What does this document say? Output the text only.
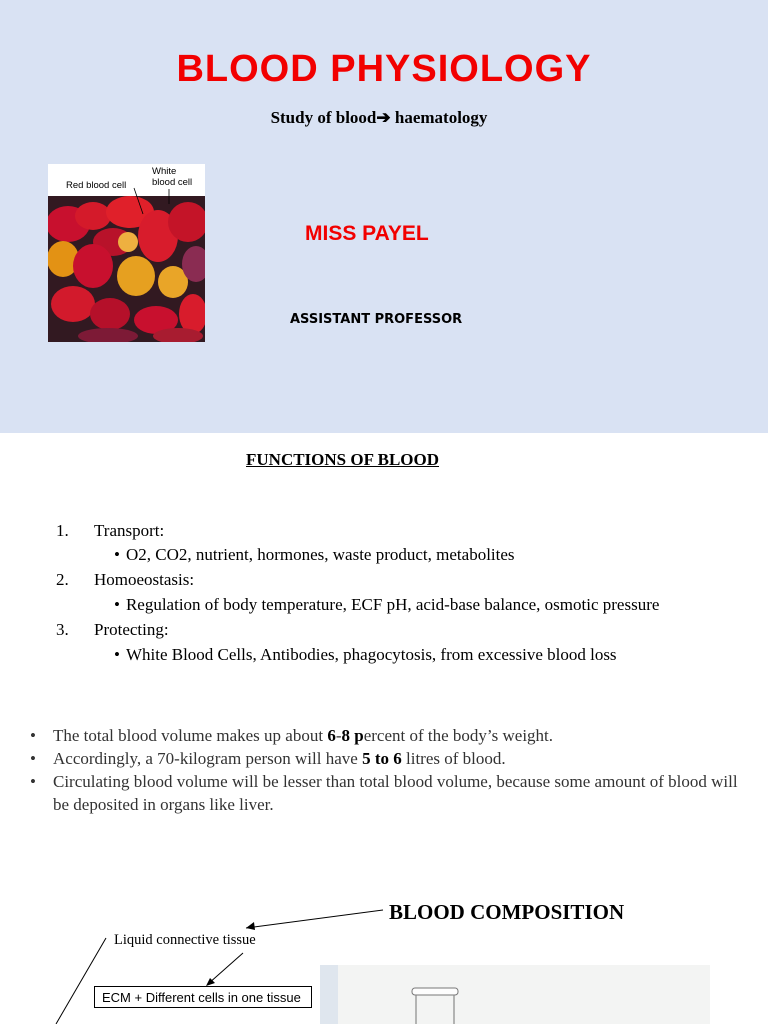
BLOOD PHYSIOLOGY
Study of blood➔ haematology
Red blood cell
White
blood cell
MISS PAYEL
ASSISTANT PROFESSOR
FUNCTIONS OF BLOOD
1. Transport:
• O2, CO2, nutrient, hormones, waste product, metabolites
2. Homoeostasis:
• Regulation of body temperature, ECF pH, acid-base balance, osmotic pressure
3. Protecting:
• White Blood Cells, Antibodies, phagocytosis, from excessive blood loss
• The total blood volume makes up about 6-8 percent of the body’s weight.
• Accordingly, a 70-kilogram person will have 5 to 6 litres of blood.
• Circulating blood volume will be lesser than total blood volume, because some amount of blood will be deposited in organs like liver.
BLOOD COMPOSITION
Liquid connective tissue
ECM + Different cells in one tissue
